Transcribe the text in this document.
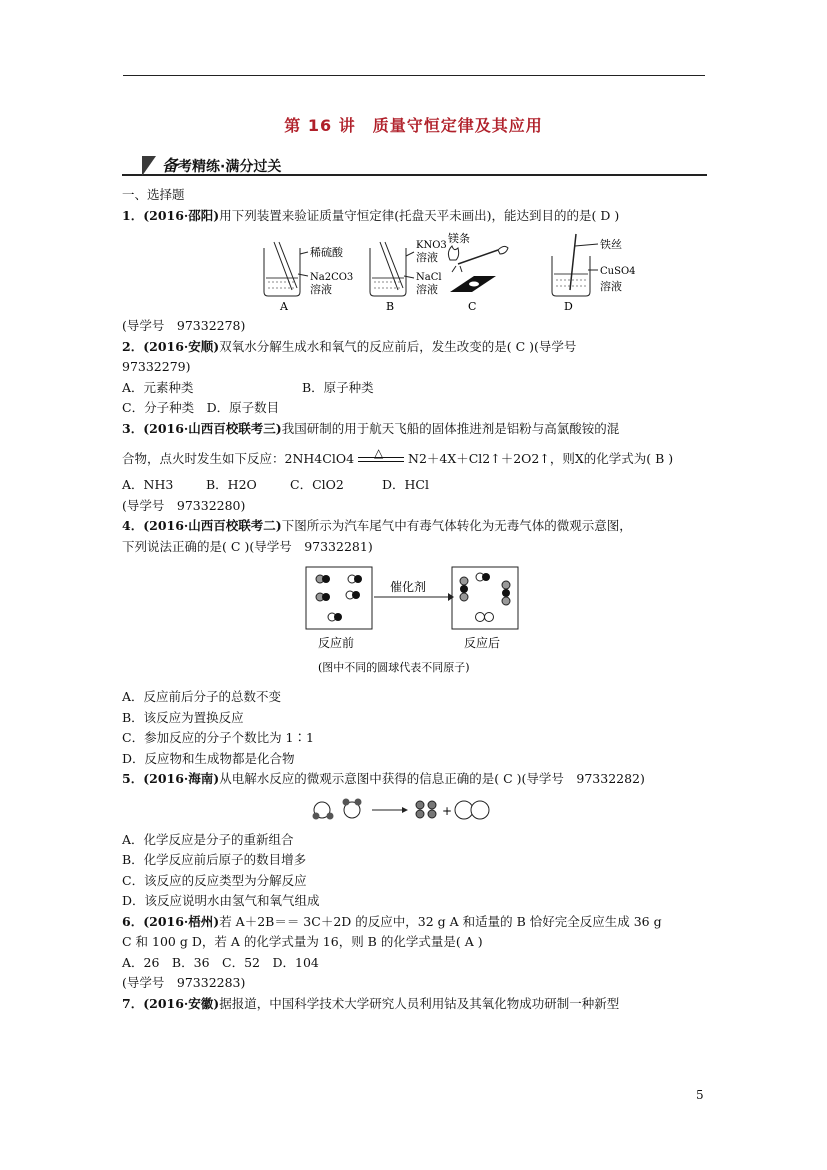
第 16 讲　质量守恒定律及其应用
备考精练·满分过关

一、选择题

1．(2016·邵阳)用下列装置来验证质量守恒定律(托盘天平未画出)，能达到目的的是( D )

稀硫酸
Na2CO3
溶液
A
KNO3
溶液
NaCl
溶液
B
镁条
C
铁丝
CuSO4
溶液
D

(导学号　97332278)

2．(2016·安顺)双氧水分解生成水和氧气的反应前后，发生改变的是( C )(导学号

97332279)

A．元素种类	B．原子种类

C．分子种类　 D．原子数目

3．(2016·山西百校联考三)我国研制的用于航天飞船的固体推进剂是铝粉与高氯酸铵的混

合物，点火时发生如下反应：2NH4ClO4 △ N2＋4X＋Cl2↑＋2O2↑，则X的化学式为( B )

A．NH3	B．H2O	C．ClO2	D．HCl

(导学号　97332280)

4．(2016·山西百校联考二)下图所示为汽车尾气中有毒气体转化为无毒气体的微观示意图，

下列说法正确的是( C )(导学号　97332281)

催化剂
反应前	反应后
(图中不同的圆球代表不同原子)

A．反应前后分子的总数不变

B．该反应为置换反应

C．参加反应的分子个数比为 1∶1

D．反应物和生成物都是化合物

5．(2016·海南)从电解水反应的微观示意图中获得的信息正确的是( C )(导学号　97332282)

+

A．化学反应是分子的重新组合

B．化学反应前后原子的数目增多

C．该反应的反应类型为分解反应

D．该反应说明水由氢气和氧气组成

6．(2016·梧州)若 A＋2B＝＝ 3C＋2D 的反应中，32 g A 和适量的 B 恰好完全反应生成 36 g

C 和 100 g D，若 A 的化学式量为 16，则 B 的化学式量是( A )

A．26　B．36　C．52　D．104

(导学号　97332283)

7．(2016·安徽)据报道，中国科学技术大学研究人员利用钴及其氧化物成功研制一种新型

5
